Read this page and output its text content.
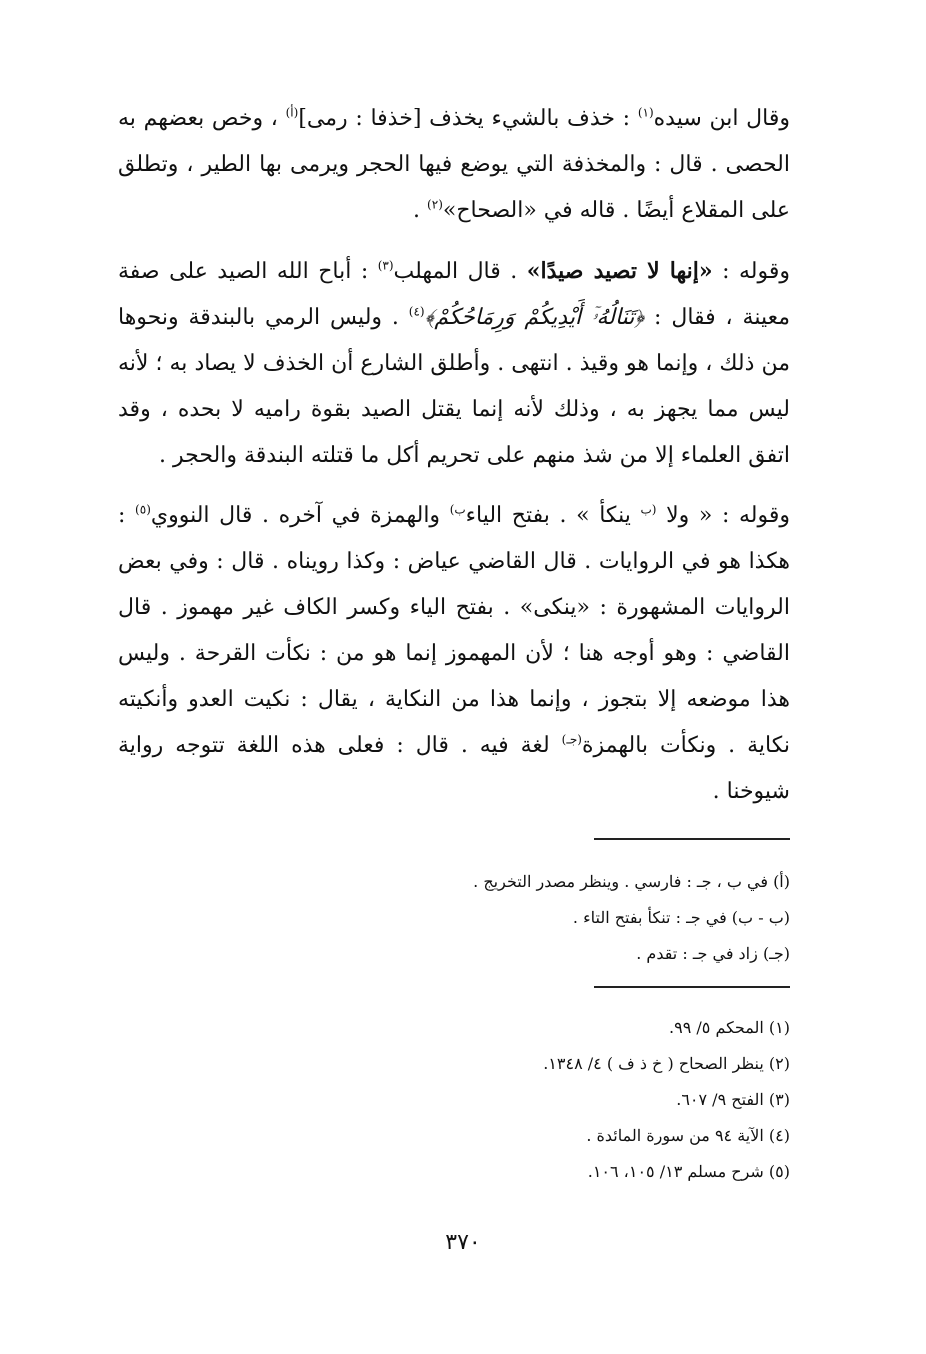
وقال ابن سيده$^{(١)}$ : خذف بالشيء يخذف [خذفا : رمى]$^{(أ)}$ ، وخص بعضهم به الحصى . قال : والمخذفة التي يوضع فيها الحجر ويرمى بها الطير ، وتطلق على المقلاع أيضًا . قاله في «الصحاح»$^{(٢)}$ .

وقوله : «إنها لا تصيد صيدًا» . قال المهلب$^{(٣)}$ : أباح الله الصيد على صفة معينة ، فقال : ﴿تَنَالُهُۥٓ أَيْدِيكُمْ وَرِمَاحُكُمْ﴾$^{(٤)}$ . وليس الرمي بالبندقة ونحوها من ذلك ، وإنما هو وقيذ . انتهى . وأطلق الشارع أن الخذف لا يصاد به ؛ لأنه ليس مما يجهز به ، وذلك لأنه إنما يقتل الصيد بقوة راميه لا بحده ، وقد اتفق العلماء إلا من شذ منهم على تحريم أكل ما قتلته البندقة والحجر .

وقوله : « ولا $^{(ب}$ ينكأ » . بفتح الياء$^{ب)}$ والهمزة في آخره . قال النووي$^{(٥)}$ : هكذا هو في الروايات . قال القاضي عياض : وكذا رويناه . قال : وفي بعض الروايات المشهورة : «ينكى» . بفتح الياء وكسر الكاف غير مهموز . قال القاضي : وهو أوجه هنا ؛ لأن المهموز إنما هو من : نكأت القرحة . وليس هذا موضعه إلا بتجوز ، وإنما هذا من النكاية ، يقال : نكيت العدو وأنكيته نكاية . ونكأت بالهمزة$^{(جـ)}$ لغة فيه . قال : فعلى هذه اللغة تتوجه رواية شيوخنا .

(أ) في ب ، جـ : فارسي . وينظر مصدر التخريج .
(ب - ب) في جـ : تنكأ بفتح التاء .
(جـ) زاد في جـ : تقدم .
(١) المحكم ٥/ ٩٩.
(٢) ينظر الصحاح ( خ ذ ف ) ٤/ ١٣٤٨.
(٣) الفتح ٩/ ٦٠٧.
(٤) الآية ٩٤ من سورة المائدة .
(٥) شرح مسلم ١٣/ ١٠٥، ١٠٦.
٣٧٠
